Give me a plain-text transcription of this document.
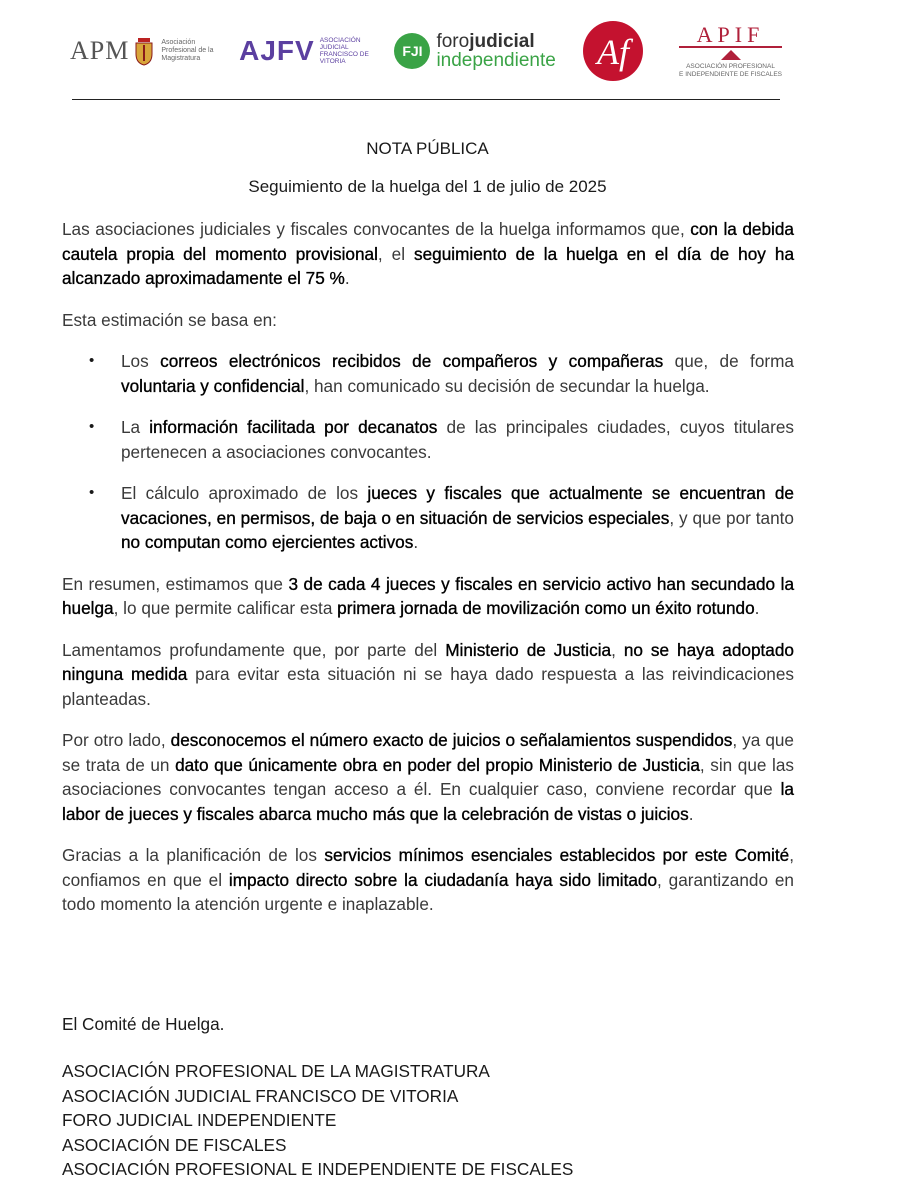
APM	Asociación
Profesional de la
Magistratura	AJFV ASOCIACIÓN
JUDICIAL
FRANCISCO DE
VITORIA
FJI forojudicial
independiente Af	APIF
ASOCIACIÓN PROFESIONAL
E INDEPENDIENTE DE FISCALES
NOTA PÚBLICA
Seguimiento de la huelga del 1 de julio de 2025

Las asociaciones judiciales y fiscales convocantes de la huelga informamos que, con la debida cautela propia del momento provisional, el seguimiento de la huelga en el día de hoy ha alcanzado aproximadamente el 75 %.

Esta estimación se basa en:

• Los correos electrónicos recibidos de compañeros y compañeras que, de forma voluntaria y confidencial, han comunicado su decisión de secundar la huelga.
• La información facilitada por decanatos de las principales ciudades, cuyos titulares pertenecen a asociaciones convocantes.
• El cálculo aproximado de los jueces y fiscales que actualmente se encuentran de vacaciones, en permisos, de baja o en situación de servicios especiales, y que por tanto no computan como ejercientes activos.

En resumen, estimamos que 3 de cada 4 jueces y fiscales en servicio activo han secundado la huelga, lo que permite calificar esta primera jornada de movilización como un éxito rotundo.

Lamentamos profundamente que, por parte del Ministerio de Justicia, no se haya adoptado ninguna medida para evitar esta situación ni se haya dado respuesta a las reivindicaciones planteadas.

Por otro lado, desconocemos el número exacto de juicios o señalamientos suspendidos, ya que se trata de un dato que únicamente obra en poder del propio Ministerio de Justicia, sin que las asociaciones convocantes tengan acceso a él. En cualquier caso, conviene recordar que la labor de jueces y fiscales abarca mucho más que la celebración de vistas o juicios.

Gracias a la planificación de los servicios mínimos esenciales establecidos por este Comité, confiamos en que el impacto directo sobre la ciudadanía haya sido limitado, garantizando en todo momento la atención urgente e inaplazable.

El Comité de Huelga.
ASOCIACIÓN PROFESIONAL DE LA MAGISTRATURA
ASOCIACIÓN JUDICIAL FRANCISCO DE VITORIA
FORO JUDICIAL INDEPENDIENTE
ASOCIACIÓN DE FISCALES
ASOCIACIÓN PROFESIONAL E INDEPENDIENTE DE FISCALES
